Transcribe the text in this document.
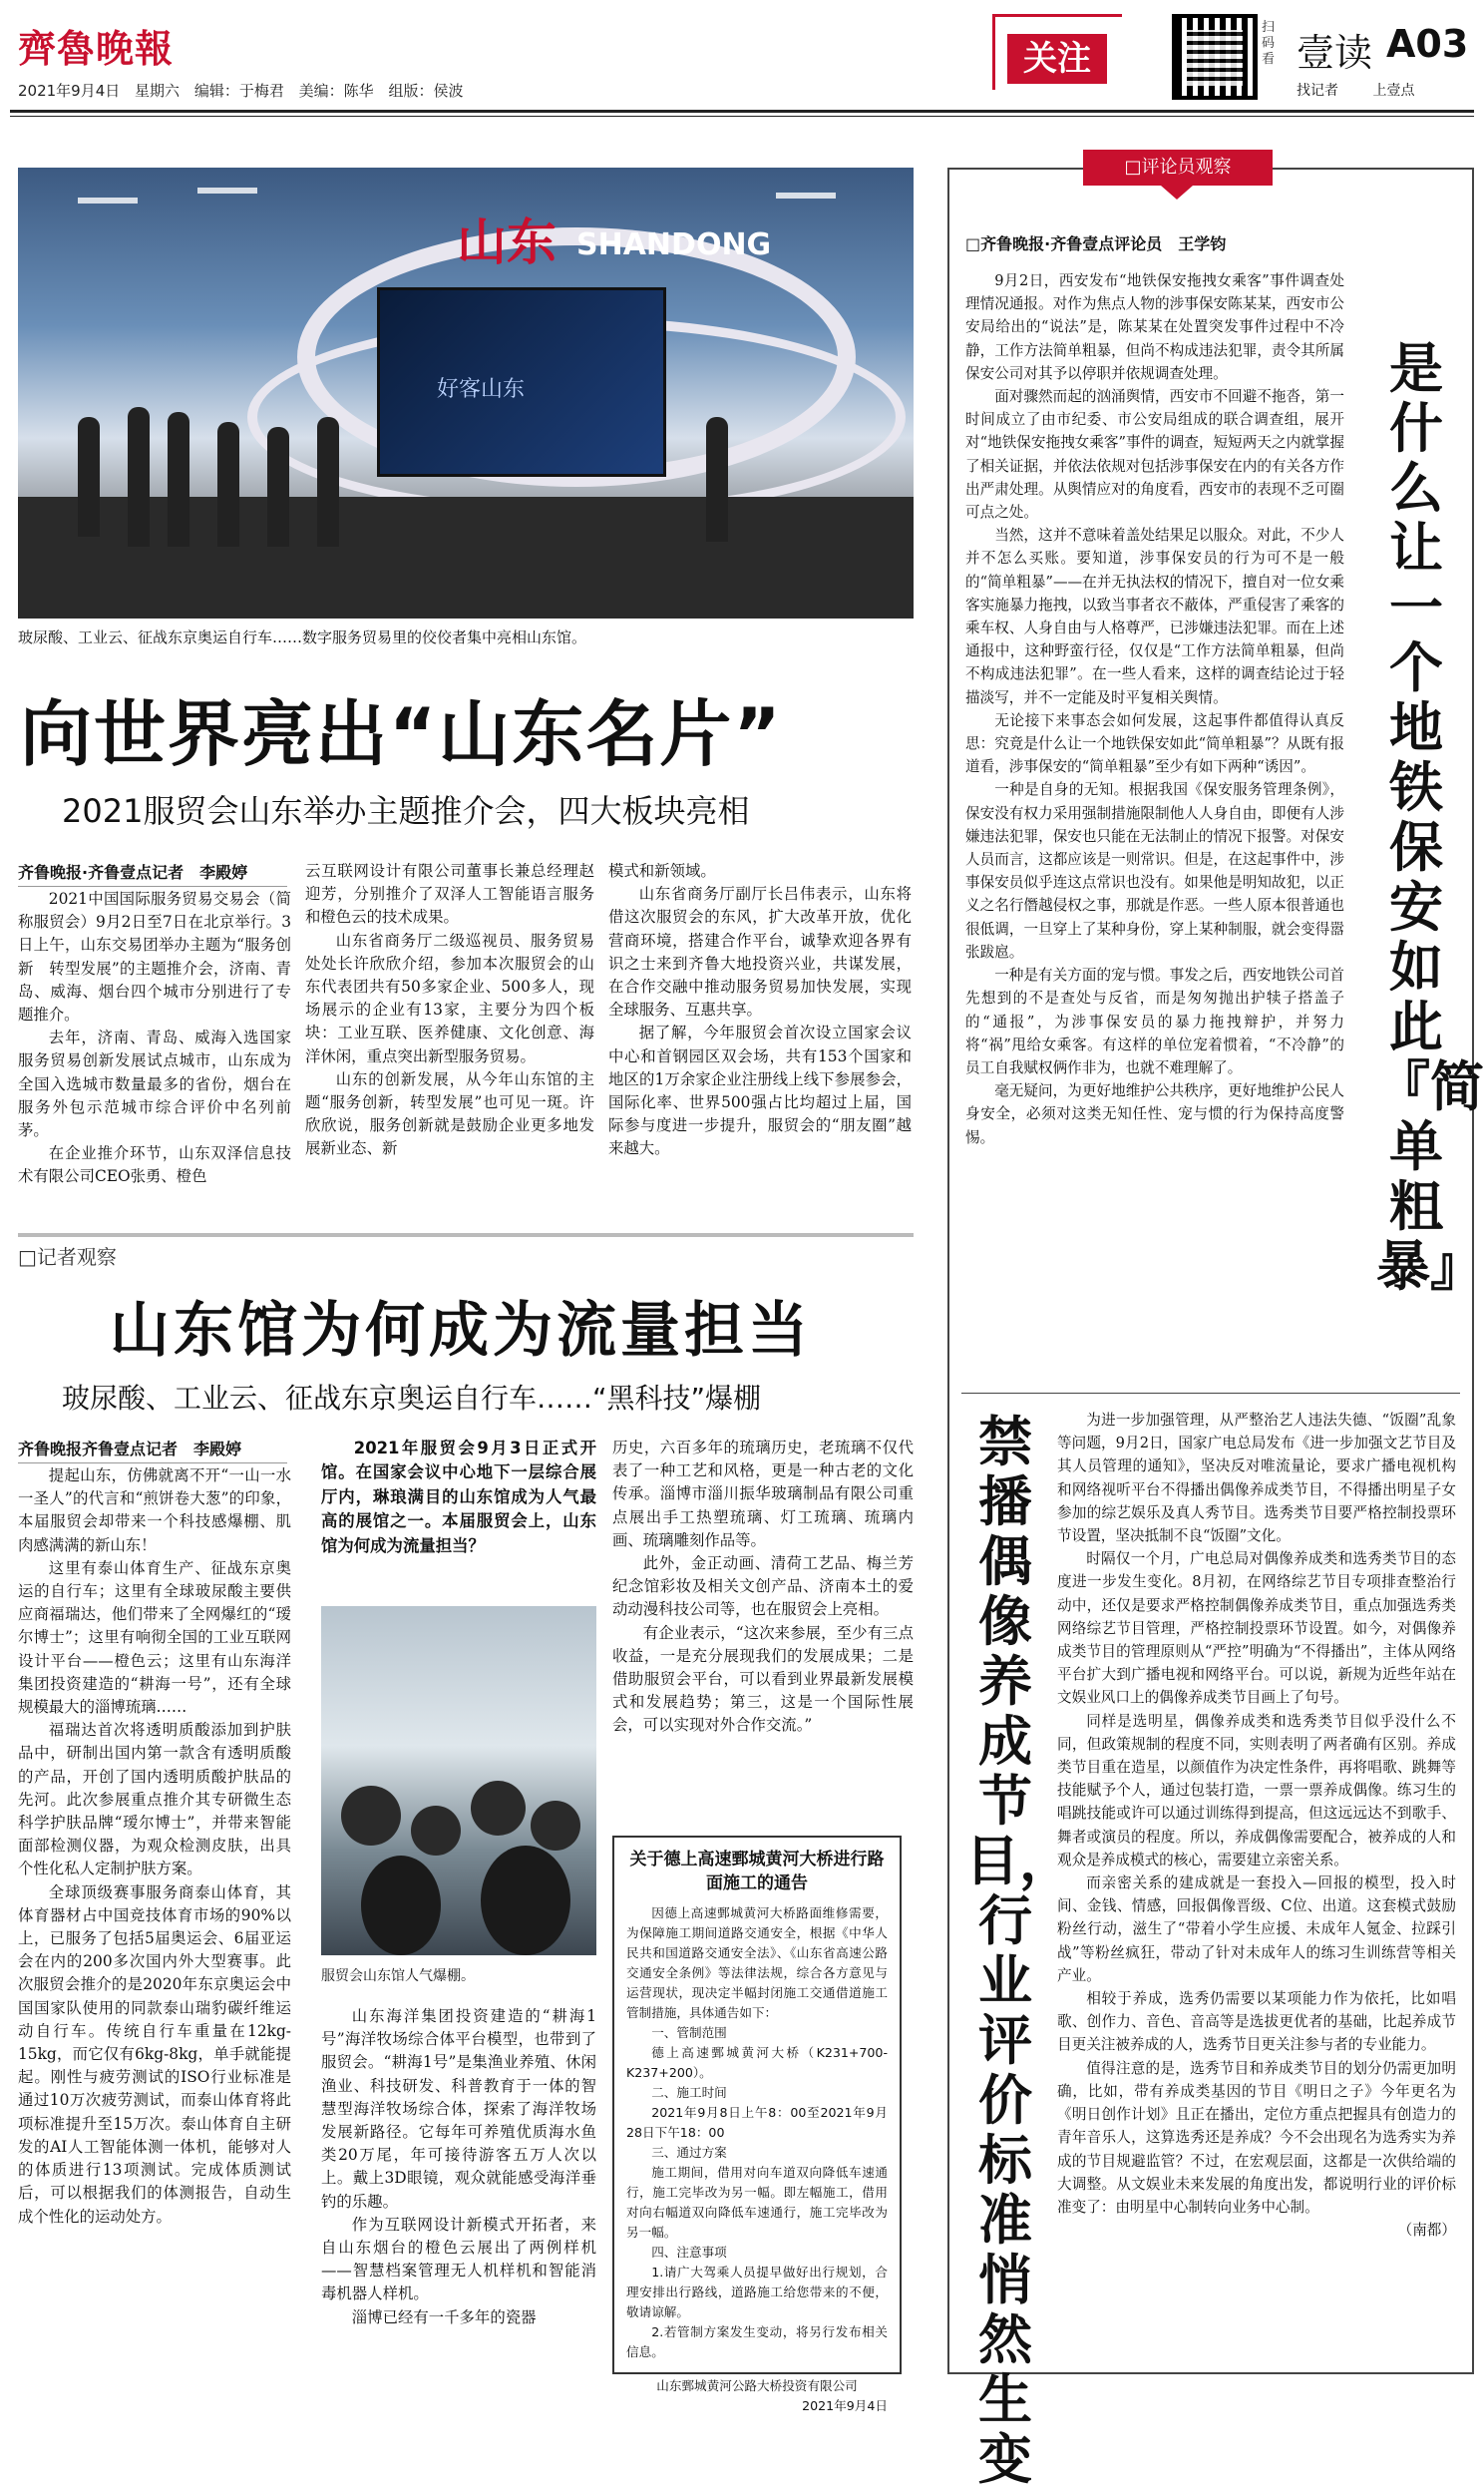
齊魯晚報
2021年9月4日 星期六 编辑：于梅君 美编：陈华 组版：侯波
关注
扫码看 壹读 A03
找记者 上壹点
山东 SHANDONG
好客山东
玻尿酸、工业云、征战东京奥运自行车……数字服务贸易里的佼佼者集中亮相山东馆。
向世界亮出“山东名片”
2021服贸会山东举办主题推介会，四大板块亮相
齐鲁晚报·齐鲁壹点记者　李殿婷

2021中国国际服务贸易交易会（简称服贸会）9月2日至7日在北京举行。3日上午，山东交易团举办主题为“服务创新　转型发展”的主题推介会，济南、青岛、威海、烟台四个城市分别进行了专题推介。

去年，济南、青岛、威海入选国家服务贸易创新发展试点城市，山东成为全国入选城市数量最多的省份，烟台在服务外包示范城市综合评价中名列前茅。

在企业推介环节，山东双泽信息技术有限公司CEO张勇、橙色

云互联网设计有限公司董事长兼总经理赵迎芳，分别推介了双泽人工智能语言服务和橙色云的技术成果。

山东省商务厅二级巡视员、服务贸易处处长许欣欣介绍，参加本次服贸会的山东代表团共有50多家企业、500多人，现场展示的企业有13家，主要分为四个板块：工业互联、医养健康、文化创意、海洋休闲，重点突出新型服务贸易。

山东的创新发展，从今年山东馆的主题“服务创新，转型发展”也可见一斑。许欣欣说，服务创新就是鼓励企业更多地发展新业态、新

模式和新领域。

山东省商务厅副厅长吕伟表示，山东将借这次服贸会的东风，扩大改革开放，优化营商环境，搭建合作平台，诚挚欢迎各界有识之士来到齐鲁大地投资兴业，共谋发展，在合作交融中推动服务贸易加快发展，实现全球服务、互惠共享。

据了解，今年服贸会首次设立国家会议中心和首钢园区双会场，共有153个国家和地区的1万余家企业注册线上线下参展参会，国际化率、世界500强占比均超过上届，国际参与度进一步提升，服贸会的“朋友圈”越来越大。

□记者观察
山东馆为何成为流量担当
玻尿酸、工业云、征战东京奥运自行车……“黑科技”爆棚
齐鲁晚报齐鲁壹点记者　李殿婷

提起山东，仿佛就离不开“一山一水一圣人”的代言和“煎饼卷大葱”的印象，本届服贸会却带来一个科技感爆棚、肌肉感满满的新山东！

这里有泰山体育生产、征战东京奥运的自行车；这里有全球玻尿酸主要供应商福瑞达，他们带来了全网爆红的“瑷尔博士”；这里有响彻全国的工业互联网设计平台——橙色云；这里有山东海洋集团投资建造的“耕海一号”，还有全球规模最大的淄博琉璃……

福瑞达首次将透明质酸添加到护肤品中，研制出国内第一款含有透明质酸的产品，开创了国内透明质酸护肤品的先河。此次参展重点推介其专研微生态科学护肤品牌“瑷尔博士”，并带来智能面部检测仪器，为观众检测皮肤，出具个性化私人定制护肤方案。

全球顶级赛事服务商泰山体育，其体育器材占中国竞技体育市场的90%以上，已服务了包括5届奥运会、6届亚运会在内的200多次国内外大型赛事。此次服贸会推介的是2020年东京奥运会中国国家队使用的同款泰山瑞豹碳纤维运动自行车。传统自行车重量在12kg-15kg，而它仅有6kg-8kg，单手就能提起。刚性与疲劳测试的ISO行业标准是通过10万次疲劳测试，而泰山体育将此项标准提升至15万次。泰山体育自主研发的AI人工智能体测一体机，能够对人的体质进行13项测试。完成体质测试后，可以根据我们的体测报告，自动生成个性化的运动处方。

2021年服贸会9月3日正式开馆。在国家会议中心地下一层综合展厅内，琳琅满目的山东馆成为人气最高的展馆之一。本届服贸会上，山东馆为何成为流量担当？
服贸会山东馆人气爆棚。

山东海洋集团投资建造的“耕海1号”海洋牧场综合体平台模型，也带到了服贸会。“耕海1号”是集渔业养殖、休闲渔业、科技研发、科普教育于一体的智慧型海洋牧场综合体，探索了海洋牧场发展新路径。它每年可养殖优质海水鱼类20万尾，年可接待游客五万人次以上。戴上3D眼镜，观众就能感受海洋垂钓的乐趣。

作为互联网设计新模式开拓者，来自山东烟台的橙色云展出了两例样机——智慧档案管理无人机样机和智能消毒机器人样机。

淄博已经有一千多年的瓷器

历史，六百多年的琉璃历史，老琉璃不仅代表了一种工艺和风格，更是一种古老的文化传承。淄博市淄川振华玻璃制品有限公司重点展出手工热塑琉璃、灯工琉璃、琉璃内画、琉璃雕刻作品等。

此外，金正动画、清荷工艺品、梅兰芳纪念馆彩妆及相关文创产品、济南本土的爱动动漫科技公司等，也在服贸会上亮相。

有企业表示，“这次来参展，至少有三点收益，一是充分展现我们的发展成果；二是借助服贸会平台，可以看到业界最新发展模式和发展趋势；第三，这是一个国际性展会，可以实现对外合作交流。”

关于德上高速鄄城黄河大桥进行路面施工的通告

因德上高速鄄城黄河大桥路面维修需要，为保障施工期间道路交通安全，根据《中华人民共和国道路交通安全法》、《山东省高速公路交通安全条例》等法律法规，综合各方意见与运营现状，现决定半幅封闭施工交通借道施工管制措施，具体通告如下：

一、管制范围

德上高速鄄城黄河大桥（K231+700-K237+200）。

二、施工时间

2021年9月8日上午8：00至2021年9月28日下午18：00

三、通过方案

施工期间，借用对向车道双向降低车速通行，施工完毕改为另一幅。即左幅施工，借用对向右幅道双向降低车速通行，施工完毕改为另一幅。

四、注意事项

1.请广大驾乘人员提早做好出行规划，合理安排出行路线，道路施工给您带来的不便，敬请谅解。

2.若管制方案发生变动，将另行发布相关信息。

山东鄄城黄河公路大桥投资有限公司
2021年9月4日
□评论员观察
□齐鲁晚报·齐鲁壹点评论员　王学钧

9月2日，西安发布“地铁保安拖拽女乘客”事件调查处理情况通报。对作为焦点人物的涉事保安陈某某，西安市公安局给出的“说法”是，陈某某在处置突发事件过程中不冷静，工作方法简单粗暴，但尚不构成违法犯罪，责令其所属保安公司对其予以停职并依规调查处理。

面对骤然而起的汹涌舆情，西安市不回避不拖沓，第一时间成立了由市纪委、市公安局组成的联合调查组，展开对“地铁保安拖拽女乘客”事件的调查，短短两天之内就掌握了相关证据，并依法依规对包括涉事保安在内的有关各方作出严肃处理。从舆情应对的角度看，西安市的表现不乏可圈可点之处。

当然，这并不意味着盖处结果足以服众。对此，不少人并不怎么买账。要知道，涉事保安员的行为可不是一般的“简单粗暴”——在并无执法权的情况下，擅自对一位女乘客实施暴力拖拽，以致当事者衣不蔽体，严重侵害了乘客的乘车权、人身自由与人格尊严，已涉嫌违法犯罪。而在上述通报中，这种野蛮行径，仅仅是“工作方法简单粗暴，但尚不构成违法犯罪”。在一些人看来，这样的调查结论过于轻描淡写，并不一定能及时平复相关舆情。

无论接下来事态会如何发展，这起事件都值得认真反思：究竟是什么让一个地铁保安如此“简单粗暴”？从既有报道看，涉事保安的“简单粗暴”至少有如下两种“诱因”。

一种是自身的无知。根据我国《保安服务管理条例》，保安没有权力采用强制措施限制他人人身自由，即便有人涉嫌违法犯罪，保安也只能在无法制止的情况下报警。对保安人员而言，这都应该是一则常识。但是，在这起事件中，涉事保安员似乎连这点常识也没有。如果他是明知故犯，以正义之名行僭越侵权之事，那就是作恶。一些人原本很普通也很低调，一旦穿上了某种身份，穿上某种制服，就会变得嚣张跋扈。

一种是有关方面的宠与惯。事发之后，西安地铁公司首先想到的不是查处与反省，而是匆匆抛出护犊子搭盖子的“通报”，为涉事保安员的暴力拖拽辩护，并努力将“祸”甩给女乘客。有这样的单位宠着惯着，“不冷静”的员工自我赋权俩作非为，也就不难理解了。

毫无疑问，为更好地维护公共秩序，更好地维护公民人身安全，必须对这类无知任性、宠与惯的行为保持高度警惕。

是什么让一个地铁保安如此『简单粗暴』
禁播偶像养成节目，行业评价标准悄然生变

为进一步加强管理，从严整治艺人违法失德、“饭圈”乱象等问题，9月2日，国家广电总局发布《进一步加强文艺节目及其人员管理的通知》，坚决反对唯流量论，要求广播电视机构和网络视听平台不得播出偶像养成类节目，不得播出明星子女参加的综艺娱乐及真人秀节目。选秀类节目要严格控制投票环节设置，坚决抵制不良“饭圈”文化。

时隔仅一个月，广电总局对偶像养成类和选秀类节目的态度进一步发生变化。8月初，在网络综艺节目专项排查整治行动中，还仅是要求严格控制偶像养成类节目，重点加强选秀类网络综艺节目管理，严格控制投票环节设置。如今，对偶像养成类节目的管理原则从“严控”明确为“不得播出”，主体从网络平台扩大到广播电视和网络平台。可以说，新规为近些年站在文娱业风口上的偶像养成类节目画上了句号。

同样是选明星，偶像养成类和选秀类节目似乎没什么不同，但政策规制的程度不同，实则表明了两者确有区别。养成类节目重在造星，以颜值作为决定性条件，再将唱歌、跳舞等技能赋予个人，通过包装打造，一票一票养成偶像。练习生的唱跳技能或许可以通过训练得到提高，但这远远达不到歌手、舞者或演员的程度。所以，养成偶像需要配合，被养成的人和观众是养成模式的核心，需要建立亲密关系。

而亲密关系的建成就是一套投入—回报的模型，投入时间、金钱、情感，回报偶像晋级、C位、出道。这套模式鼓励粉丝行动，滋生了“带着小学生应援、未成年人氪金、拉踩引战”等粉丝疯狂，带动了针对未成年人的练习生训练营等相关产业。

相较于养成，选秀仍需要以某项能力作为依托，比如唱歌、创作力、音色、音高等是选拔更优者的基础，比起养成节目更关注被养成的人，选秀节目更关注参与者的专业能力。

值得注意的是，选秀节目和养成类节目的划分仍需更加明确，比如，带有养成类基因的节目《明日之子》今年更名为《明日创作计划》且正在播出，定位方重点把握具有创造力的青年音乐人，这算选秀还是养成？今不会出现名为选秀实为养成的节目规避监管？不过，在宏观层面，这都是一次供给端的大调整。从文娱业未来发展的角度出发，都说明行业的评价标准变了：由明星中心制转向业务中心制。

（南都）
